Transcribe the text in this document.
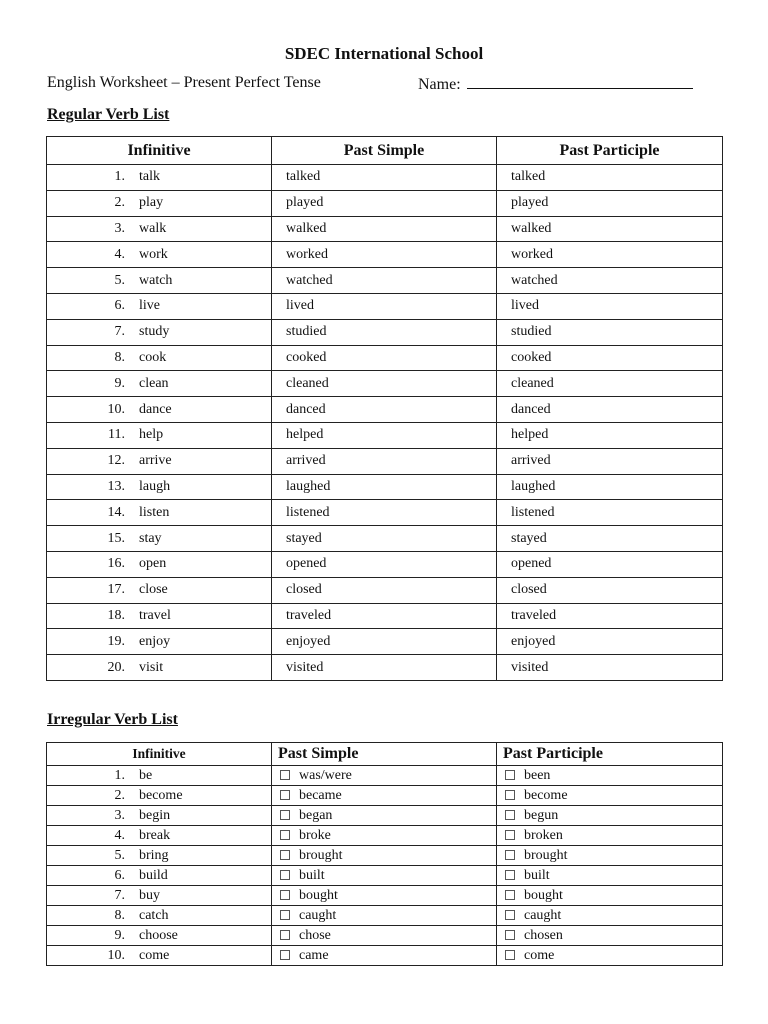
SDEC International School
English Worksheet – Present Perfect Tense	Name:
Regular Verb List
Infinitive	Past Simple	Past Participle
1. talk	talked	talked
2. play	played	played
3. walk	walked	walked
4. work	worked	worked
5. watch	watched	watched
6. live	lived	lived
7. study	studied	studied
8. cook	cooked	cooked
9. clean	cleaned	cleaned
10. dance	danced	danced
11. help	helped	helped
12. arrive	arrived	arrived
13. laugh	laughed	laughed
14. listen	listened	listened
15. stay	stayed	stayed
16. open	opened	opened
17. close	closed	closed
18. travel	traveled	traveled
19. enjoy	enjoyed	enjoyed
20. visit	visited	visited
Irregular Verb List
Infinitive	Past Simple	Past Participle
1. be	was/were	been
2. become	became	become
3. begin	began	begun
4. break	broke	broken
5. bring	brought	brought
6. build	built	built
7. buy	bought	bought
8. catch	caught	caught
9. choose	chose	chosen
10. come	came	come
